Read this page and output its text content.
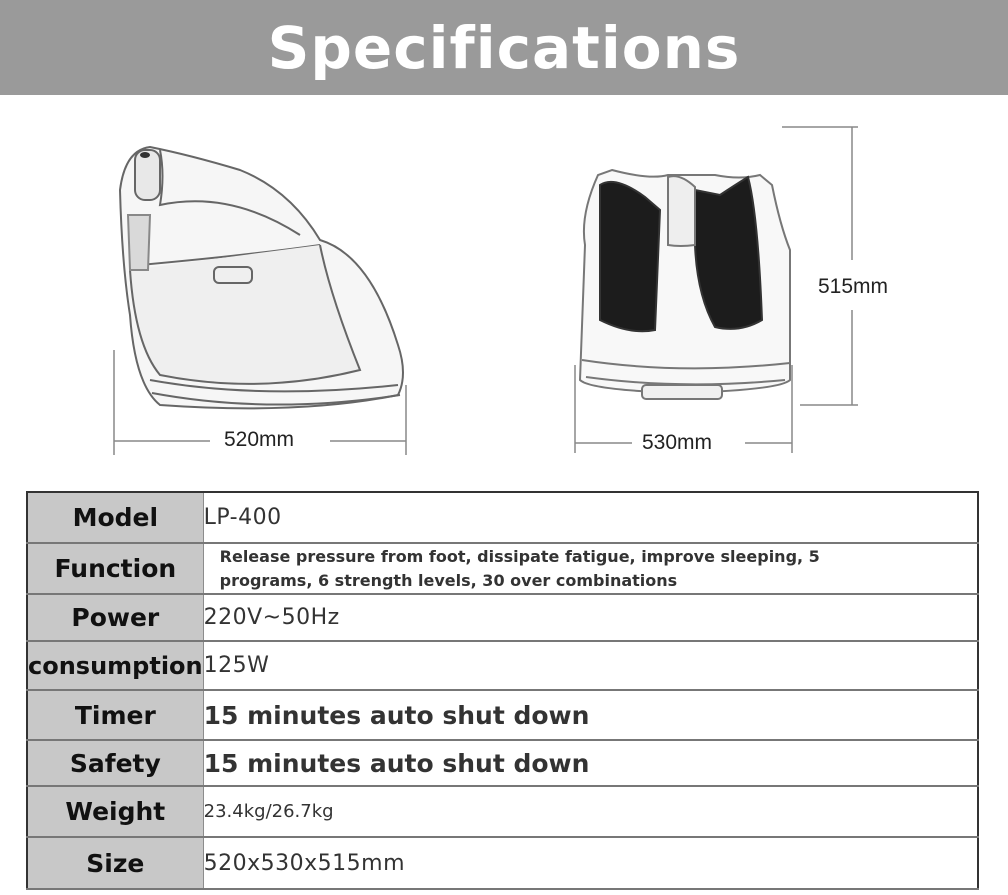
Specifications
520mm	530mm
515mm
Model	LP-400
Function	Release pressure from foot, dissipate fatigue, improve sleeping, 5 programs, 6 strength levels, 30 over combinations

Power	220V~50Hz
consumption	125W
Timer	15 minutes auto shut down
Safety	15 minutes auto shut down
Weight	23.4kg/26.7kg
Size	520x530x515mm
